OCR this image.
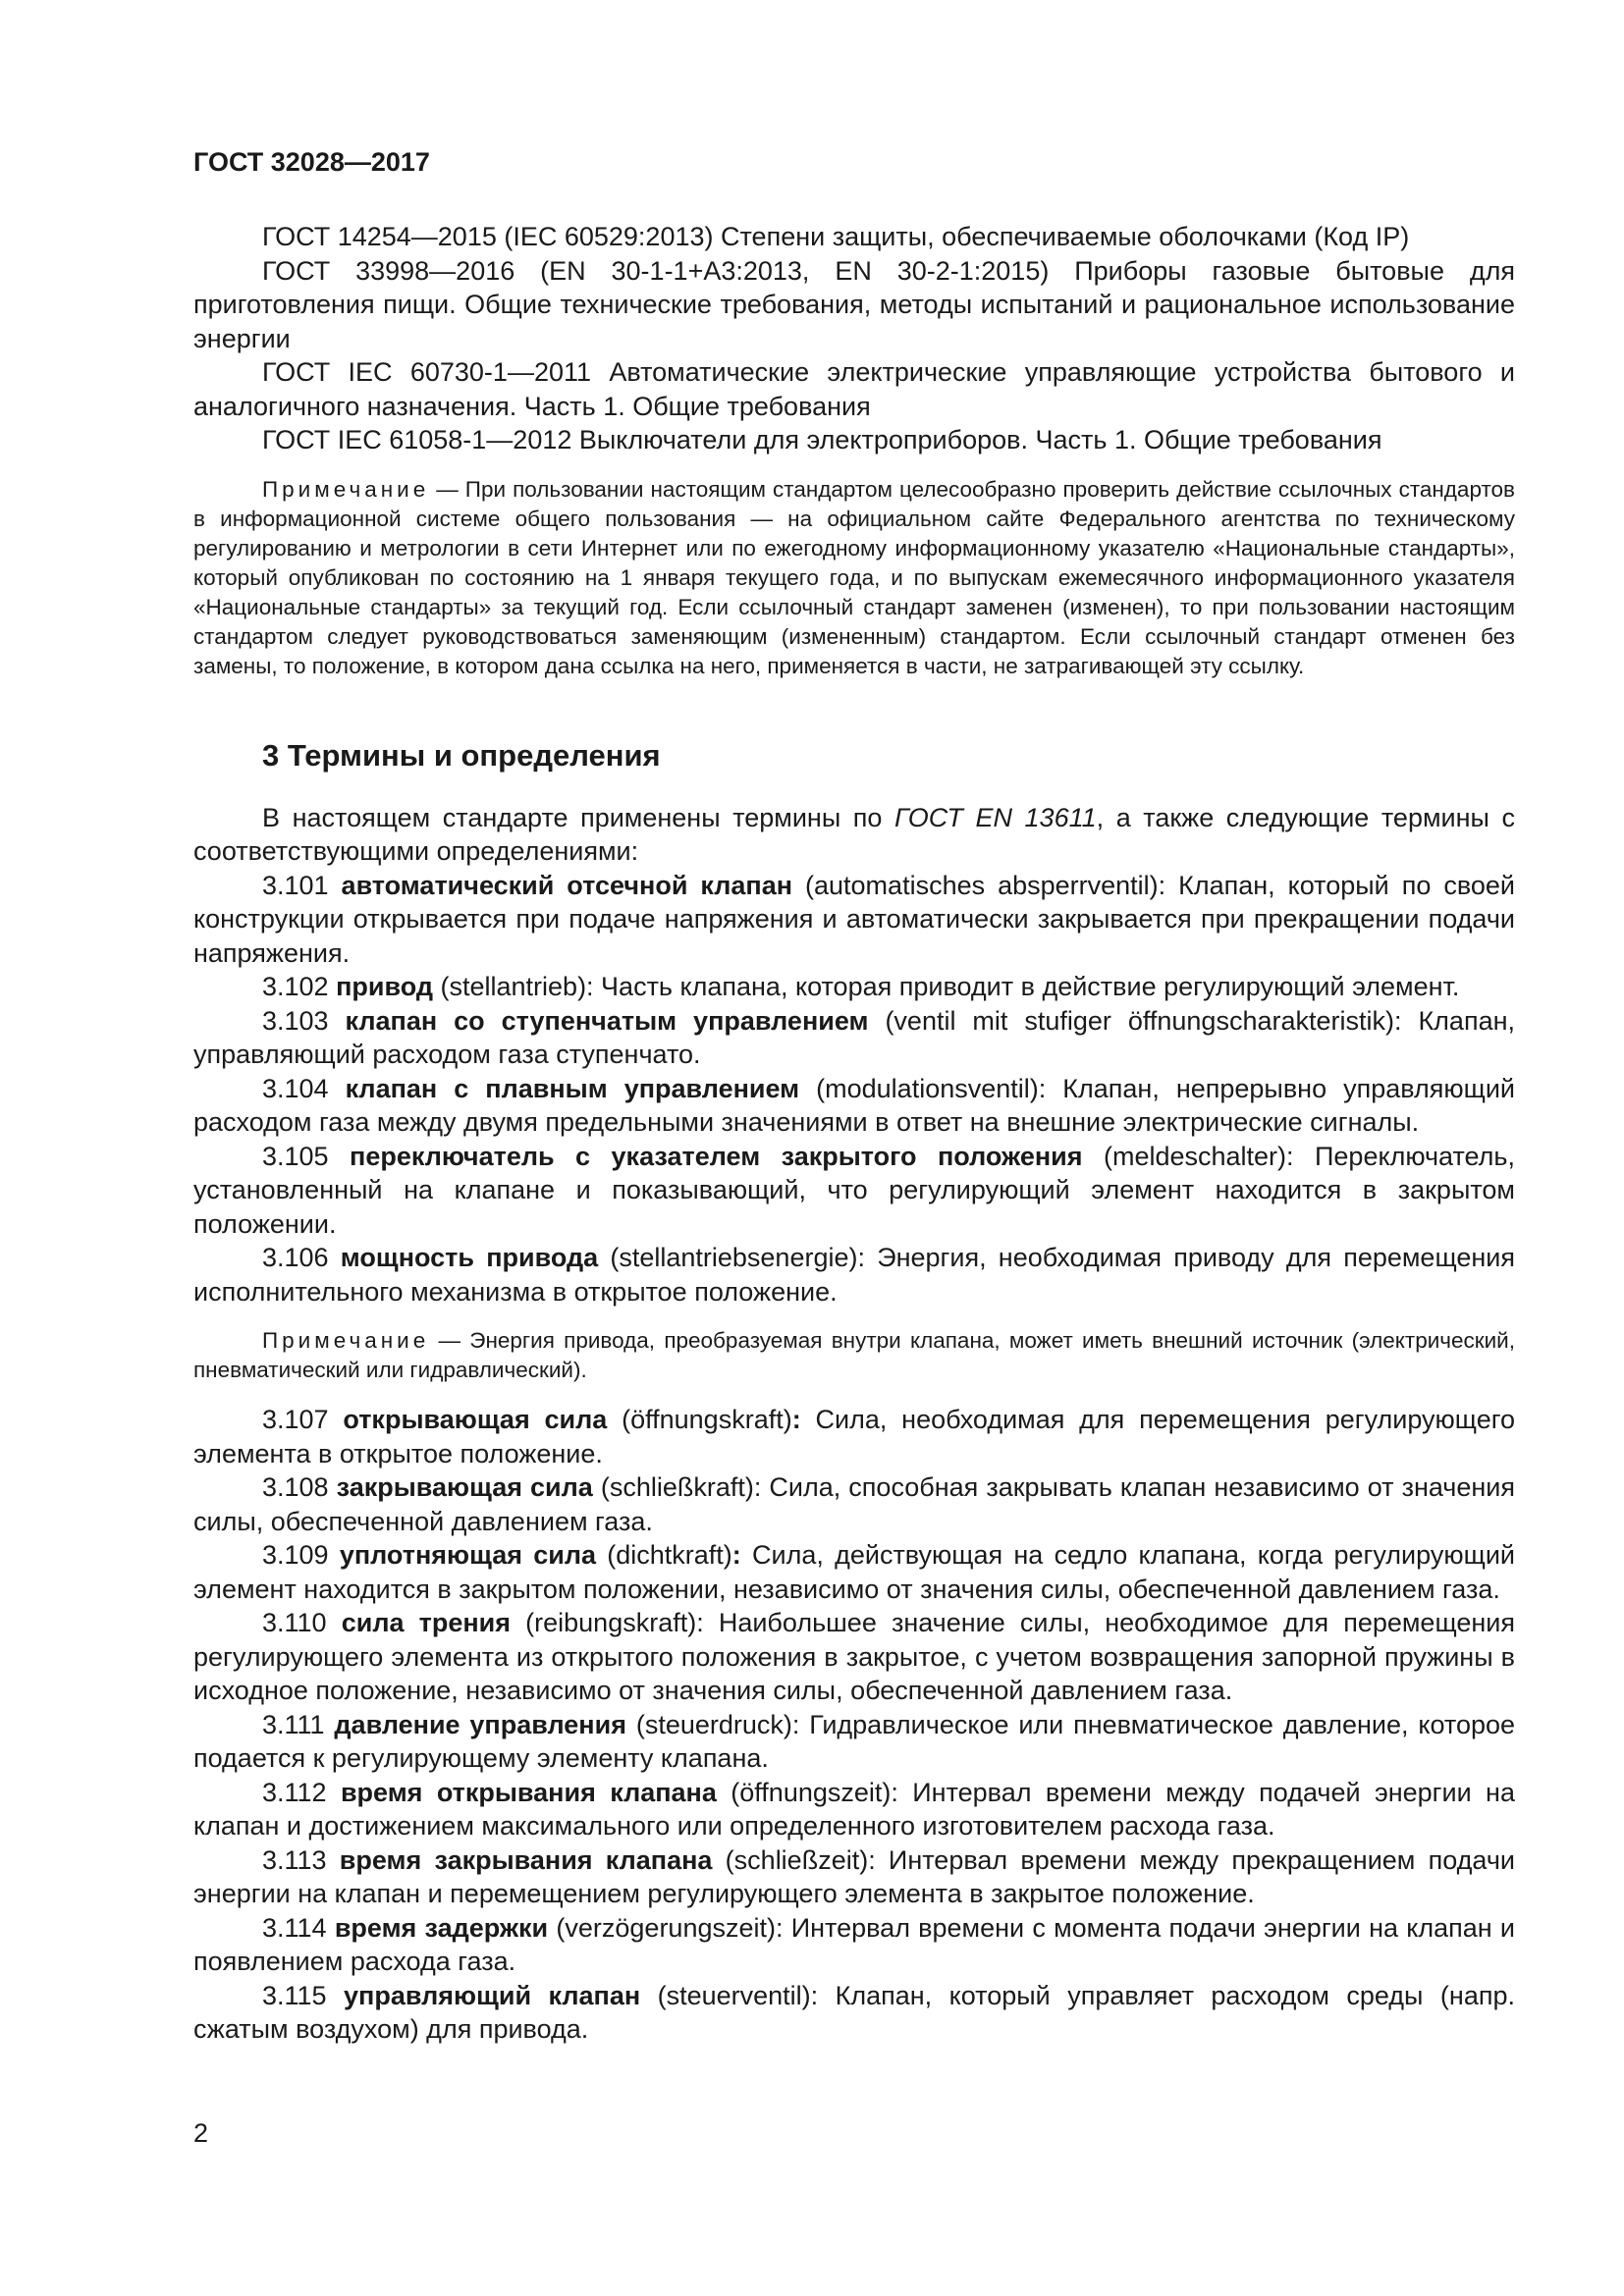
ГОСТ 32028—2017

ГОСТ 14254—2015 (IEC 60529:2013) Степени защиты, обеспечиваемые оболочками (Код IP)

ГОСТ 33998—2016 (EN 30-1-1+A3:2013, EN 30-2-1:2015) Приборы газовые бытовые для приготовления пищи. Общие технические требования, методы испытаний и рациональное использование энергии

ГОСТ IEC 60730-1—2011 Автоматические электрические управляющие устройства бытового и аналогичного назначения. Часть 1. Общие требования

ГОСТ IEC 61058-1—2012 Выключатели для электроприборов. Часть 1. Общие требования

Примечание — При пользовании настоящим стандартом целесообразно проверить действие ссылочных стандартов в информационной системе общего пользования — на официальном сайте Федерального агентства по техническому регулированию и метрологии в сети Интернет или по ежегодному информационному указателю «Национальные стандарты», который опубликован по состоянию на 1 января текущего года, и по выпускам ежемесячного информационного указателя «Национальные стандарты» за текущий год. Если ссылочный стандарт заменен (изменен), то при пользовании настоящим стандартом следует руководствоваться заменяющим (измененным) стандартом. Если ссылочный стандарт отменен без замены, то положение, в котором дана ссылка на него, применяется в части, не затрагивающей эту ссылку.

3 Термины и определения

В настоящем стандарте применены термины по ГОСТ EN 13611, а также следующие термины с соответствующими определениями:

3.101 автоматический отсечной клапан (automatisches absperrventil): Клапан, который по своей конструкции открывается при подаче напряжения и автоматически закрывается при прекращении подачи напряжения.

3.102 привод (stellantrieb): Часть клапана, которая приводит в действие регулирующий элемент.

3.103 клапан со ступенчатым управлением (ventil mit stufiger öffnungscharakteristik): Клапан, управляющий расходом газа ступенчато.

3.104 клапан с плавным управлением (modulationsventil): Клапан, непрерывно управляющий расходом газа между двумя предельными значениями в ответ на внешние электрические сигналы.

3.105 переключатель с указателем закрытого положения (meldeschalter): Переключатель, установленный на клапане и показывающий, что регулирующий элемент находится в закрытом положении.

3.106 мощность привода (stellantriebsenergie): Энергия, необходимая приводу для перемещения исполнительного механизма в открытое положение.

Примечание — Энергия привода, преобразуемая внутри клапана, может иметь внешний источник (электрический, пневматический или гидравлический).

3.107 открывающая сила (öffnungskraft): Сила, необходимая для перемещения регулирующего элемента в открытое положение.

3.108 закрывающая сила (schließkraft): Сила, способная закрывать клапан независимо от значения силы, обеспеченной давлением газа.

3.109 уплотняющая сила (dichtkraft): Сила, действующая на седло клапана, когда регулирующий элемент находится в закрытом положении, независимо от значения силы, обеспеченной давлением газа.

3.110 сила трения (reibungskraft): Наибольшее значение силы, необходимое для перемещения регулирующего элемента из открытого положения в закрытое, с учетом возвращения запорной пружины в исходное положение, независимо от значения силы, обеспеченной давлением газа.

3.111 давление управления (steuerdruck): Гидравлическое или пневматическое давление, которое подается к регулирующему элементу клапана.

3.112 время открывания клапана (öffnungszeit): Интервал времени между подачей энергии на клапан и достижением максимального или определенного изготовителем расхода газа.

3.113 время закрывания клапана (schließzeit): Интервал времени между прекращением подачи энергии на клапан и перемещением регулирующего элемента в закрытое положение.

3.114 время задержки (verzögerungszeit): Интервал времени с момента подачи энергии на клапан и появлением расхода газа.

3.115 управляющий клапан (steuerventil): Клапан, который управляет расходом среды (напр. сжатым воздухом) для привода.

2
